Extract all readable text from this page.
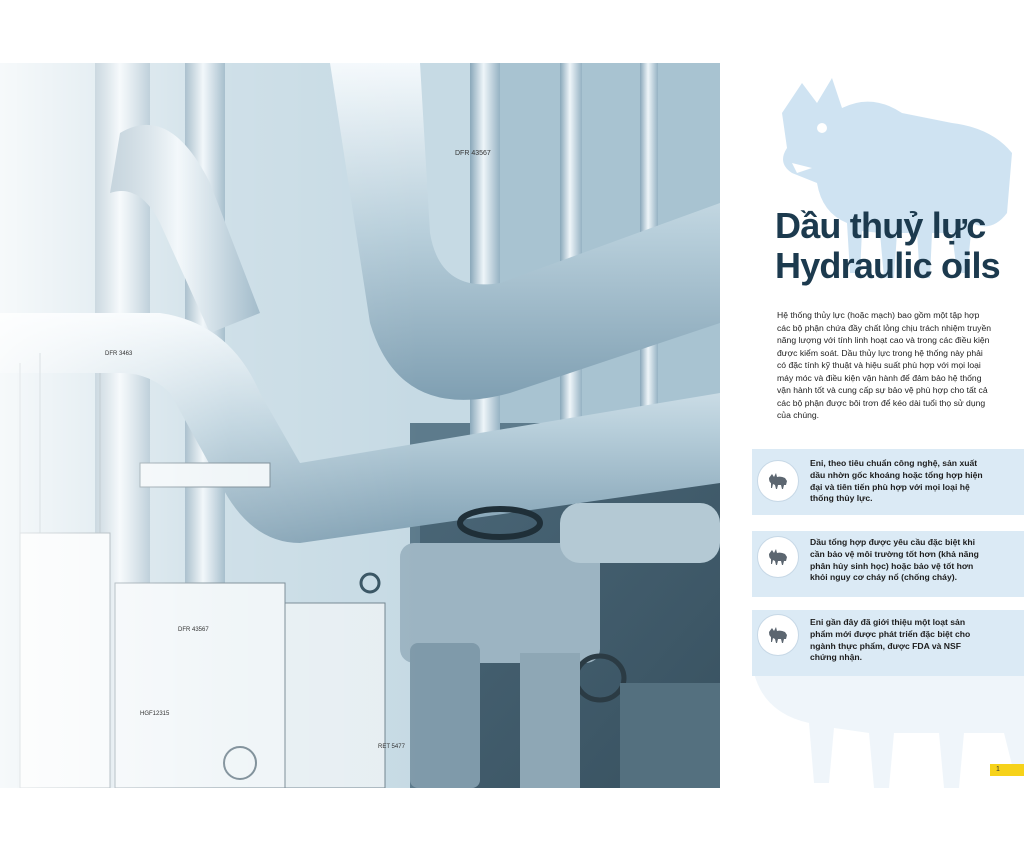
DFR 43567
DFR 3463
DFR 43567
HGF12315
RET 5477
Dầu thuỷ lực
Hydraulic oils

Hệ thống thủy lực (hoặc mạch) bao gồm một tập hợp các bộ phận chứa đầy chất lỏng chịu trách nhiệm truyền năng lượng với tính linh hoạt cao và trong các điều kiện được kiểm soát. Dầu thủy lực trong hệ thống này phải có đặc tính kỹ thuật và hiệu suất phù hợp với mọi loại máy móc và điều kiện vận hành để đảm bảo hệ thống vận hành tốt và cung cấp sự bảo vệ phù hợp cho tất cả các bộ phận được bôi trơn để kéo dài tuổi thọ sử dụng của chúng.

Eni, theo tiêu chuẩn công nghệ, sản xuất dầu nhờn gốc khoáng hoặc tổng hợp hiện đại và tiên tiến phù hợp với mọi loại hệ thống thủy lực.

Dầu tổng hợp được yêu cầu đặc biệt khi cần bảo vệ môi trường tốt hơn (khả năng phân hủy sinh học) hoặc bảo vệ tốt hơn khỏi nguy cơ cháy nổ (chống cháy).

Eni gần đây đã giới thiệu một loạt sản phẩm mới được phát triển đặc biệt cho ngành thực phẩm, được FDA và NSF chứng nhận.

1
